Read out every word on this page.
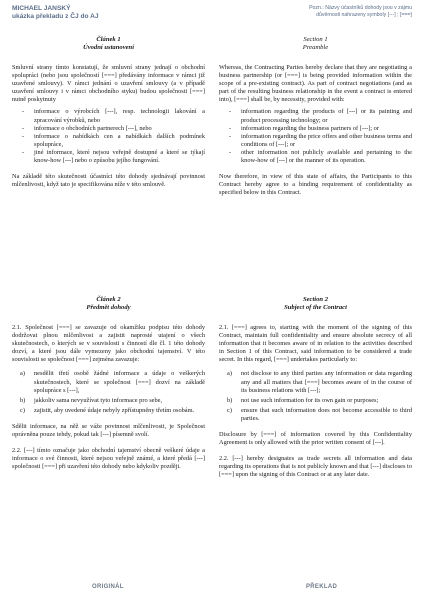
MICHAEL JANSKÝ
ukázka překladu z ČJ do AJ
Pozn.: Názvy účastníků dohody jsou v zájmu
důvěrnosti nahrazeny symboly [---] ; [===]
Článek 1
Úvodní ustanovení
Section 1
Preamble

Smluvní strany tímto konstatují, že smluvní strany jednají o obchodní spolupráci (nebo jsou společností [===] předávány informace v rámci již uzavřené smlouvy). V rámci jednání o uzavření smlouvy (a v případě uzavření smlouvy i v rámci obchodního styku) budou společnosti [===] nutně poskytnuty

- informace o výrobcích [---], resp. technologii lakování a zpracování výrobků, nebo
- informace o obchodních partnerech [---], nebo
- informace o nabídkách cen a nabídkách dalších podmínek spolupráce,
- jiné informace, které nejsou veřejně dostupné a které se týkají know-how [---] nebo o způsobu jejího fungování.

Na základě této skutečnosti účastníci této dohody sjednávají povinnost mlčenlivosti, když tato je specifikována níže v této smlouvě.

Whereas, the Contracting Parties hereby declare that they are negotiating a business partnership (or [===] is being provided information within the scope of a pre-existing contract). As part of contract negotiations (and as part of the resulting business relationship in the event a contract is entered into), [===] shall be, by necessity, provided with:

- information regarding the products of [---] or its painting and product processing technology; or
- information regarding the business partners of [---]; or
- information regarding the price offers and other business terms and conditions of [---]; or
- other information not publicly available and pertaining to the know-how of [---] or the manner of its operation.

Now therefore, in view of this state of affairs, the Participants to this Contract hereby agree to a binding requirement of confidentiality as specified below in this Contract.

Článek 2
Předmět dohody
Section 2
Subject of the Contract

2.1. Společnost [===] se zavazuje od okamžiku podpisu této dohody dodržovat plnou mlčenlivost a zajistit naprosté utajení o všech skutečnostech, o kterých se v souvislosti s činností dle čl. 1 této dohody dozví, a které jsou dále vymezeny jako obchodní tajemství. V této souvislosti se společnost [===] zejména zavazuje:

a) nesdělit třetí osobě žádné informace a údaje o veškerých skutečnostech, které se společnost [===] dozví na základě spolupráce s [---],
b) jakkoliv sama nevyužívat tyto informace pro sebe,
c) zajistit, aby uvedené údaje nebyly zpřístupněny třetím osobám.

Sdělit informace, na něž se váže povinnost mlčenlivosti, je Společnost oprávněna pouze tehdy, pokud tak [---] písemně svolí.

2.2. [---] tímto označuje jako obchodní tajemství obecně veškeré údaje a informace o své činnosti, které nejsou veřejně známé, a které předá [---] společnosti [===] při uzavření této dohody nebo kdykoliv později.

2.1. [===] agrees to, starting with the moment of the signing of this Contract, maintain full confidentiality and ensure absolute secrecy of all information that it becomes aware of in relation to the activities described in Section 1 of this Contract, said information to be considered a trade secret. In this regard, [===] undertakes particularly to:

a) not disclose to any third parties any information or data regarding any and all matters that [===] becomes aware of in the course of its business relations with [---];
b) not use such information for its own gain or purposes;
c) ensure that such information does not become accessible to third parties.

Disclosure by [===] of information covered by this Confidentiality Agreement is only allowed with the prior written consent of [---].

2.2. [---] hereby designates as trade secrets all information and data regarding its operations that is not publicly known and that [---] discloses to [===] upon the signing of this Contract or at any later date.

ORIGINÁL	PŘEKLAD
